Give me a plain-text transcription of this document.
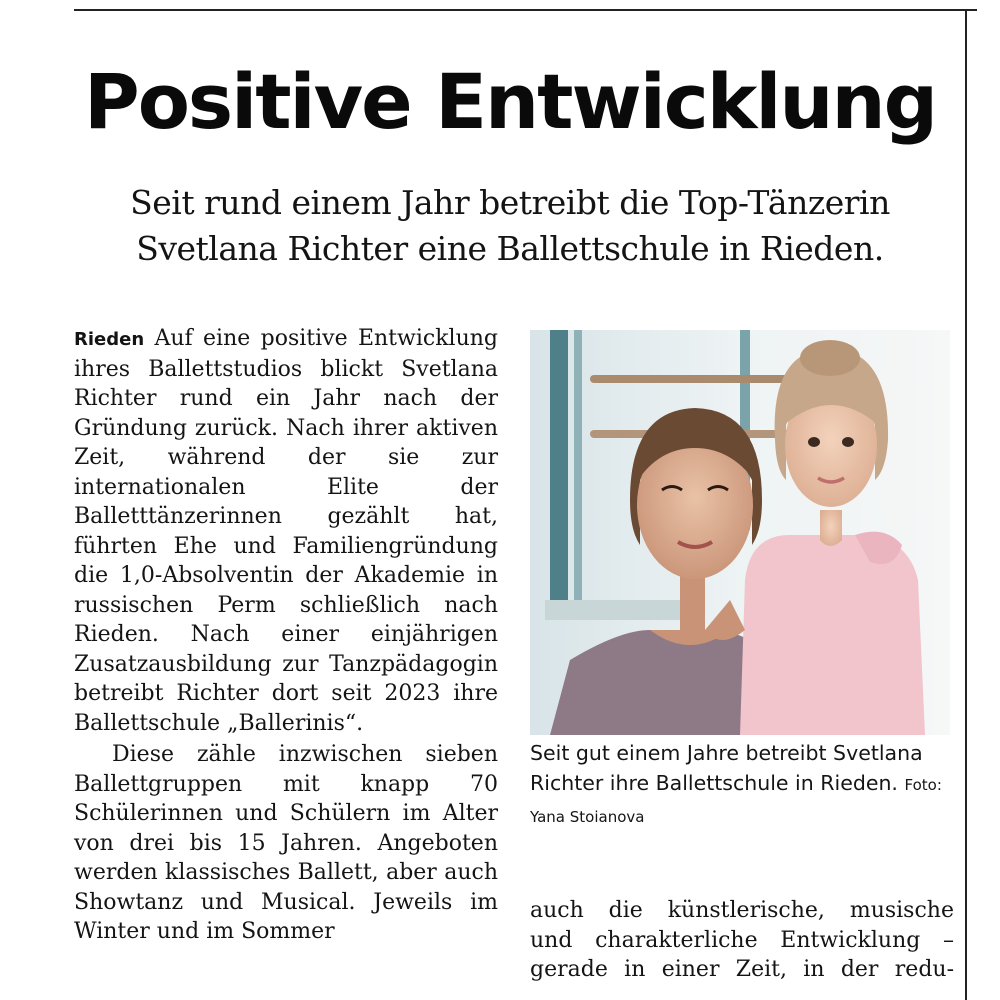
Positive Entwicklung
Seit rund einem Jahr betreibt die Top-Tänzerin Svetlana Richter eine Ballettschule in Rieden.

Rieden Auf eine positive Entwicklung ihres Ballettstudios blickt Svetlana Richter rund ein Jahr nach der Gründung zurück. Nach ihrer aktiven Zeit, während der sie zur internationalen Elite der Balletttänzerinnen gezählt hat, führten Ehe und Familiengründung die 1,0-Absolventin der Akademie in russischen Perm schließlich nach Rieden. Nach einer einjährigen Zusatzausbildung zur Tanzpädagogin betreibt Richter dort seit 2023 ihre Ballettschule „Ballerinis“.

Diese zähle inzwischen sieben Ballettgruppen mit knapp 70 Schülerinnen und Schülern im Alter von drei bis 15 Jahren. Angeboten werden klassisches Ballett, aber auch Showtanz und Musical. Jeweils im Winter und im Sommer

Seit gut einem Jahre betreibt Svetlana Richter ihre Ballettschule in Rieden. Foto: Yana Stoianova

auch die künstlerische, musische
und charakterliche Entwicklung –
gerade in einer Zeit, in der redu-
